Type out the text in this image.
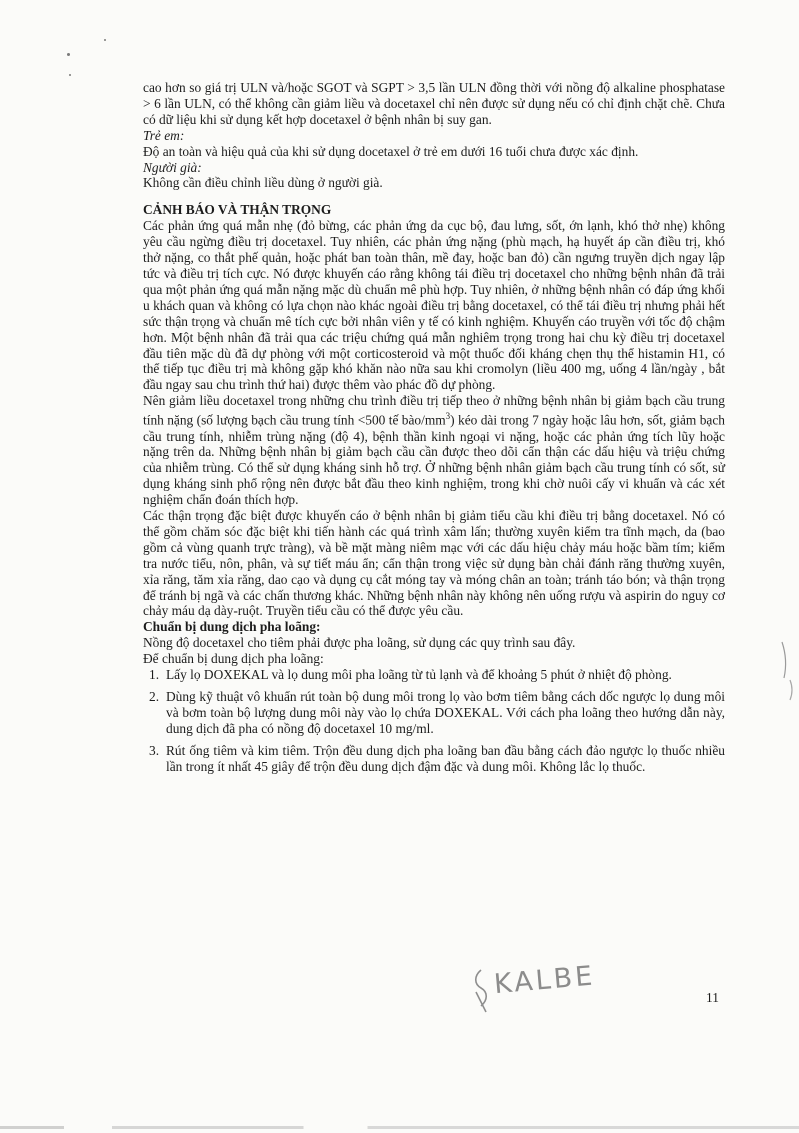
cao hơn so giá trị ULN và/hoặc SGOT và SGPT > 3,5 lần ULN đồng thời với nồng độ alkaline phosphatase > 6 lần ULN, có thể không cần giảm liều và docetaxel chỉ nên được sử dụng nếu có chỉ định chặt chẽ. Chưa có dữ liệu khi sử dụng kết hợp docetaxel ở bệnh nhân bị suy gan.

Trẻ em:

Độ an toàn và hiệu quả của khi sử dụng docetaxel ở trẻ em dưới 16 tuổi chưa được xác định.

Người già:

Không cần điều chỉnh liều dùng ở người già.

CẢNH BÁO VÀ THẬN TRỌNG

Các phản ứng quá mẫn nhẹ (đỏ bừng, các phản ứng da cục bộ, đau lưng, sốt, ớn lạnh, khó thở nhẹ) không yêu cầu ngừng điều trị docetaxel. Tuy nhiên, các phản ứng nặng (phù mạch, hạ huyết áp cần điều trị, khó thở nặng, co thắt phế quản, hoặc phát ban toàn thân, mề đay, hoặc ban đỏ) cần ngưng truyền dịch ngay lập tức và điều trị tích cực. Nó được khuyến cáo rằng không tái điều trị docetaxel cho những bệnh nhân đã trải qua một phản ứng quá mẫn nặng mặc dù chuẩn mê phù hợp. Tuy nhiên, ở những bệnh nhân có đáp ứng khối u khách quan và không có lựa chọn nào khác ngoài điều trị bằng docetaxel, có thể tái điều trị nhưng phải hết sức thận trọng và chuẩn mê tích cực bởi nhân viên y tế có kinh nghiệm. Khuyến cáo truyền với tốc độ chậm hơn. Một bệnh nhân đã trải qua các triệu chứng quá mẫn nghiêm trọng trong hai chu kỳ điều trị docetaxel đầu tiên mặc dù đã dự phòng với một corticosteroid và một thuốc đối kháng chẹn thụ thể histamin H1, có thể tiếp tục điều trị mà không gặp khó khăn nào nữa sau khi cromolyn (liều 400 mg, uống 4 lần/ngày , bắt đầu ngay sau chu trình thứ hai) được thêm vào phác đồ dự phòng.

Nên giảm liều docetaxel trong những chu trình điều trị tiếp theo ở những bệnh nhân bị giảm bạch cầu trung tính nặng (số lượng bạch cầu trung tính <500 tế bào/$mm^3$) kéo dài trong 7 ngày hoặc lâu hơn, sốt, giảm bạch cầu trung tính, nhiễm trùng nặng (độ 4), bệnh thần kinh ngoại vi nặng, hoặc các phản ứng tích lũy hoặc nặng trên da. Những bệnh nhân bị giảm bạch cầu cần được theo dõi cẩn thận các dấu hiệu và triệu chứng của nhiễm trùng. Có thể sử dụng kháng sinh hỗ trợ. Ở những bệnh nhân giảm bạch cầu trung tính có sốt, sử dụng kháng sinh phổ rộng nên được bắt đầu theo kinh nghiệm, trong khi chờ nuôi cấy vi khuẩn và các xét nghiệm chẩn đoán thích hợp.

Các thận trọng đặc biệt được khuyến cáo ở bệnh nhân bị giảm tiểu cầu khi điều trị bằng docetaxel. Nó có thể gồm chăm sóc đặc biệt khi tiến hành các quá trình xâm lấn; thường xuyên kiểm tra tĩnh mạch, da (bao gồm cả vùng quanh trực tràng), và bề mặt màng niêm mạc với các dấu hiệu chảy máu hoặc bầm tím; kiểm tra nước tiểu, nôn, phân, và sự tiết máu ẩn; cẩn thận trong việc sử dụng bàn chải đánh răng thường xuyên, xỉa răng, tăm xỉa răng, dao cạo và dụng cụ cắt móng tay và móng chân an toàn; tránh táo bón; và thận trọng để tránh bị ngã và các chấn thương khác. Những bệnh nhân này không nên uống rượu và aspirin do nguy cơ chảy máu dạ dày-ruột. Truyền tiểu cầu có thể được yêu cầu.

Chuẩn bị dung dịch pha loãng:

Nồng độ docetaxel cho tiêm phải được pha loãng, sử dụng các quy trình sau đây.

Để chuẩn bị dung dịch pha loãng:

1. Lấy lọ DOXEKAL và lọ dung môi pha loãng từ tủ lạnh và để khoảng 5 phút ở nhiệt độ phòng.
2. Dùng kỹ thuật vô khuẩn rút toàn bộ dung môi trong lọ vào bơm tiêm bằng cách dốc ngược lọ dung môi và bơm toàn bộ lượng dung môi này vào lọ chứa DOXEKAL. Với cách pha loãng theo hướng dẫn này, dung dịch đã pha có nồng độ docetaxel 10 mg/ml.
3. Rút ống tiêm và kim tiêm. Trộn đều dung dịch pha loãng ban đầu bằng cách đảo ngược lọ thuốc nhiều lần trong ít nhất 45 giây để trộn đều dung dịch đậm đặc và dung môi. Không lắc lọ thuốc.
KALBE	11
